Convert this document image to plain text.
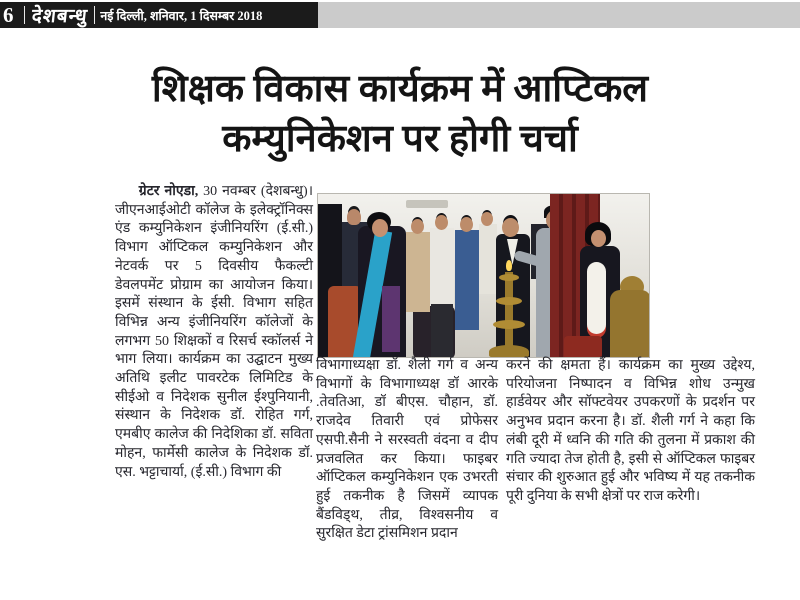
6 देशबन्धु नई दिल्ली, शनिवार, 1 दिसम्बर 2018
शिक्षक विकास कार्यक्रम में आप्टिकल
कम्युनिकेशन पर होगी चर्चा

ग्रेटर नोएडा, 30 नवम्बर (देशबन्धु)। जीएनआईओटी कॉलेज के इलेक्ट्रॉनिक्स एंड कम्युनिकेशन इंजीनियरिंग (ई.सी.) विभाग ऑप्टिकल कम्युनिकेशन और नेटवर्क पर 5 दिवसीय फैकल्टी डेवलपमेंट प्रोग्राम का आयोजन किया। इसमें संस्थान के ईसी. विभाग सहित विभिन्न अन्य इंजीनियरिंग कॉलेजों के लगभग 50 शिक्षकों व रिसर्च स्कॉलर्स ने भाग लिया। कार्यक्रम का उद्घाटन मुख्य अतिथि इलीट पावरटेक लिमिटिड के सीईओ व निदेशक सुनील ईश्पुनियानी, संस्थान के निदेशक डॉ. रोहित गर्ग, एमबीए कालेज की निदेशिका डॉ. सविता मोहन, फार्मेसी कालेज के निदेशक डॉ. एस. भट्टाचार्या, (ई.सी.) विभाग की

विभागाध्यक्षा डॉ. शैली गर्ग व अन्य विभागों के विभागाध्यक्ष डॉ आरके .तेवतिआ, डॉ बीएस. चौहान, डॉ. राजदेव तिवारी एवं प्रोफेसर एसपी.सैनी ने सरस्वती वंदना व दीप प्रजवलित कर किया। फाइबर ऑप्टिकल कम्युनिकेशन एक उभरती हुई तकनीक है जिसमें व्यापक बैंडविड्थ, तीव्र, विश्वसनीय व सुरक्षित डेटा ट्रांसमिशन प्रदान

करने की क्षमता हैं। कार्यक्रम का मुख्य उद्देश्य, परियोजना निष्पादन व विभिन्न शोध उन्मुख हार्डवेयर और सॉफ्टवेयर उपकरणों के प्रदर्शन पर अनुभव प्रदान करना है। डॉ. शैली गर्ग ने कहा कि लंबी दूरी में ध्वनि की गति की तुलना में प्रकाश की गति ज्यादा तेज होती है, इसी से ऑप्टिकल फाइबर संचार की शुरुआत हुई और भविष्य में यह तकनीक पूरी दुनिया के सभी क्षेत्रों पर राज करेगी।
